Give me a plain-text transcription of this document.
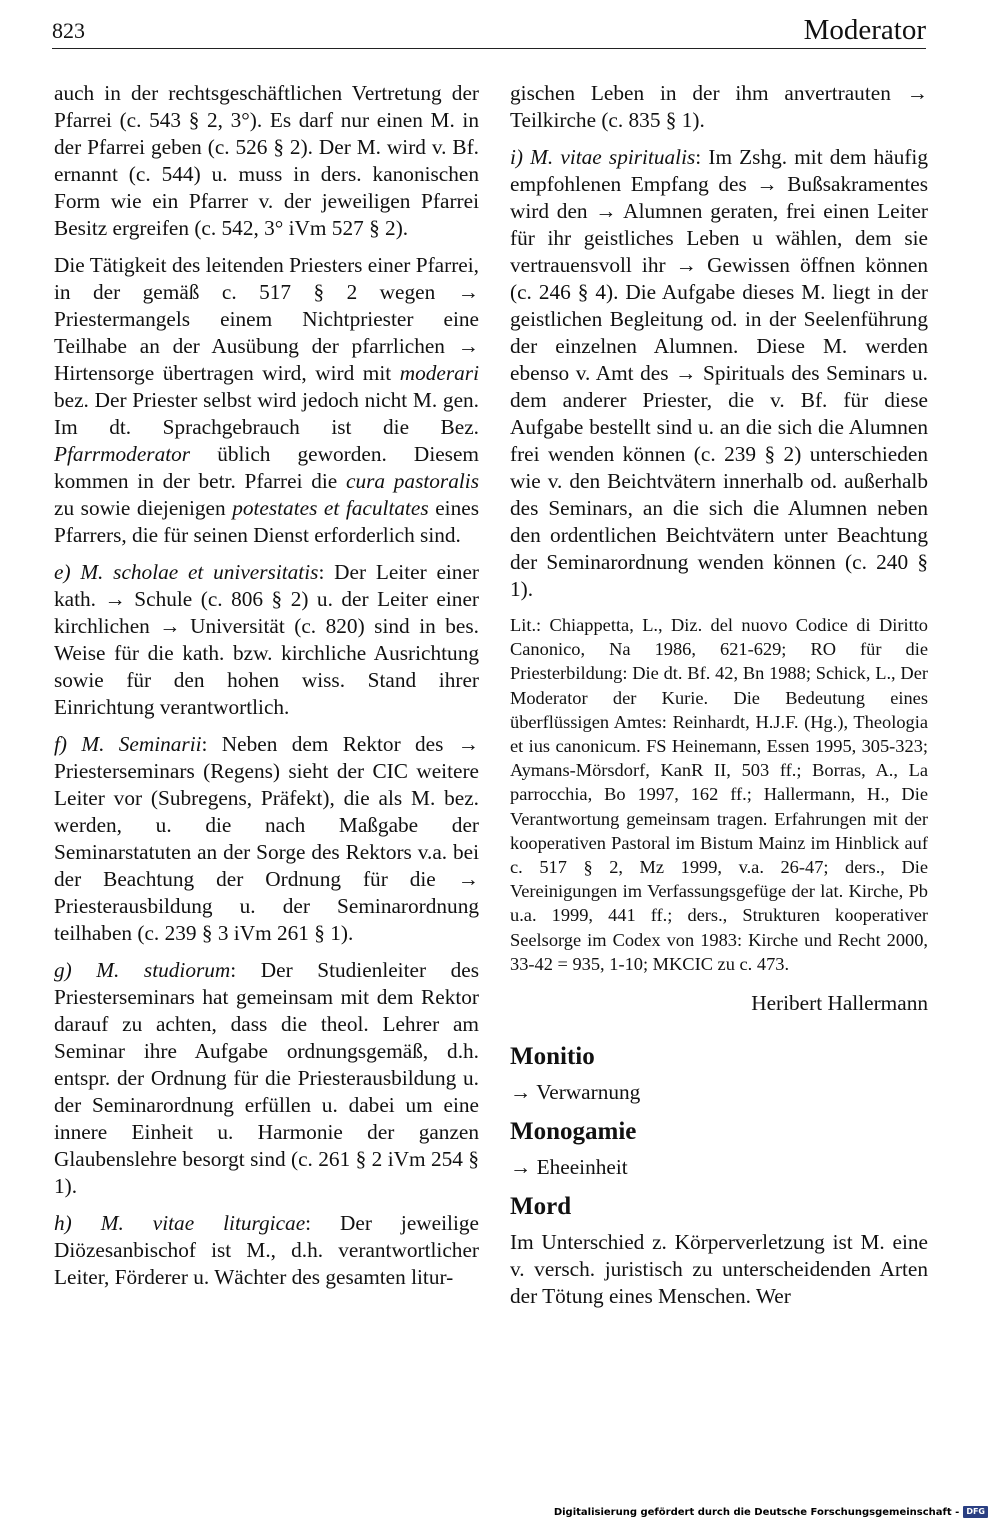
823	Moderator

auch in der rechtsgeschäftlichen Vertretung der Pfarrei (c. 543 § 2, 3°). Es darf nur einen M. in der Pfarrei geben (c. 526 § 2). Der M. wird v. Bf. ernannt (c. 544) u. muss in ders. kanonischen Form wie ein Pfarrer v. der jeweiligen Pfarrei Besitz ergreifen (c. 542, 3° iVm 527 § 2).

Die Tätigkeit des leitenden Priesters einer Pfarrei, in der gemäß c. 517 § 2 wegen → Priestermangels einem Nichtpriester eine Teilhabe an der Ausübung der pfarrlichen → Hirtensorge übertragen wird, wird mit moderari bez. Der Priester selbst wird jedoch nicht M. gen. Im dt. Sprachgebrauch ist die Bez. Pfarrmoderator üblich geworden. Diesem kommen in der betr. Pfarrei die cura pastoralis zu sowie diejenigen potestates et facultates eines Pfarrers, die für seinen Dienst erforderlich sind.

e) M. scholae et universitatis: Der Leiter einer kath. → Schule (c. 806 § 2) u. der Leiter einer kirchlichen → Universität (c. 820) sind in bes. Weise für die kath. bzw. kirchliche Ausrichtung sowie für den hohen wiss. Stand ihrer Einrichtung verantwortlich.

f) M. Seminarii: Neben dem Rektor des → Priesterseminars (Regens) sieht der CIC weitere Leiter vor (Subregens, Präfekt), die als M. bez. werden, u. die nach Maßgabe der Seminarstatuten an der Sorge des Rektors v.a. bei der Beachtung der Ordnung für die → Priesterausbildung u. der Seminarordnung teilhaben (c. 239 § 3 iVm 261 § 1).

g) M. studiorum: Der Studienleiter des Priesterseminars hat gemeinsam mit dem Rektor darauf zu achten, dass die theol. Lehrer am Seminar ihre Aufgabe ordnungsgemäß, d.h. entspr. der Ordnung für die Priesterausbildung u. der Seminarordnung erfüllen u. dabei um eine innere Einheit u. Harmonie der ganzen Glaubenslehre besorgt sind (c. 261 § 2 iVm 254 § 1).

h) M. vitae liturgicae: Der jeweilige Diözesanbischof ist M., d.h. verantwortlicher Leiter, Förderer u. Wächter des gesamten litur-

gischen Leben in der ihm anvertrauten → Teilkirche (c. 835 § 1).

i) M. vitae spiritualis: Im Zshg. mit dem häufig empfohlenen Empfang des → Bußsakramentes wird den → Alumnen geraten, frei einen Leiter für ihr geistliches Leben u wählen, dem sie vertrauensvoll ihr → Gewissen öffnen können (c. 246 § 4). Die Aufgabe dieses M. liegt in der geistlichen Begleitung od. in der Seelenführung der einzelnen Alumnen. Diese M. werden ebenso v. Amt des → Spirituals des Seminars u. dem anderer Priester, die v. Bf. für diese Aufgabe bestellt sind u. an die sich die Alumnen frei wenden können (c. 239 § 2) unterschieden wie v. den Beichtvätern innerhalb od. außerhalb des Seminars, an die sich die Alumnen neben den ordentlichen Beichtvätern unter Beachtung der Seminarordnung wenden können (c. 240 § 1).

Lit.: Chiappetta, L., Diz. del nuovo Codice di Diritto Canonico, Na 1986, 621-629; RO für die Priesterbildung: Die dt. Bf. 42, Bn 1988; Schick, L., Der Moderator der Kurie. Die Bedeutung eines überflüssigen Amtes: Reinhardt, H.J.F. (Hg.), Theologia et ius canonicum. FS Heinemann, Essen 1995, 305-323; Aymans-Mörsdorf, KanR II, 503 ff.; Borras, A., La parrocchia, Bo 1997, 162 ff.; Hallermann, H., Die Verantwortung gemeinsam tragen. Erfahrungen mit der kooperativen Pastoral im Bistum Mainz im Hinblick auf c. 517 § 2, Mz 1999, v.a. 26-47; ders., Die Vereinigungen im Verfassungsgefüge der lat. Kirche, Pb u.a. 1999, 441 ff.; ders., Strukturen kooperativer Seelsorge im Codex von 1983: Kirche und Recht 2000, 33-42 = 935, 1-10; MKCIC zu c. 473.

Heribert Hallermann
Monitio
→ Verwarnung
Monogamie
→ Eheeinheit
Mord

Im Unterschied z. Körperverletzung ist M. eine v. versch. juristisch zu unterscheidenden Arten der Tötung eines Menschen. Wer

Digitalisierung gefördert durch die Deutsche Forschungsgemeinschaft - DFG
